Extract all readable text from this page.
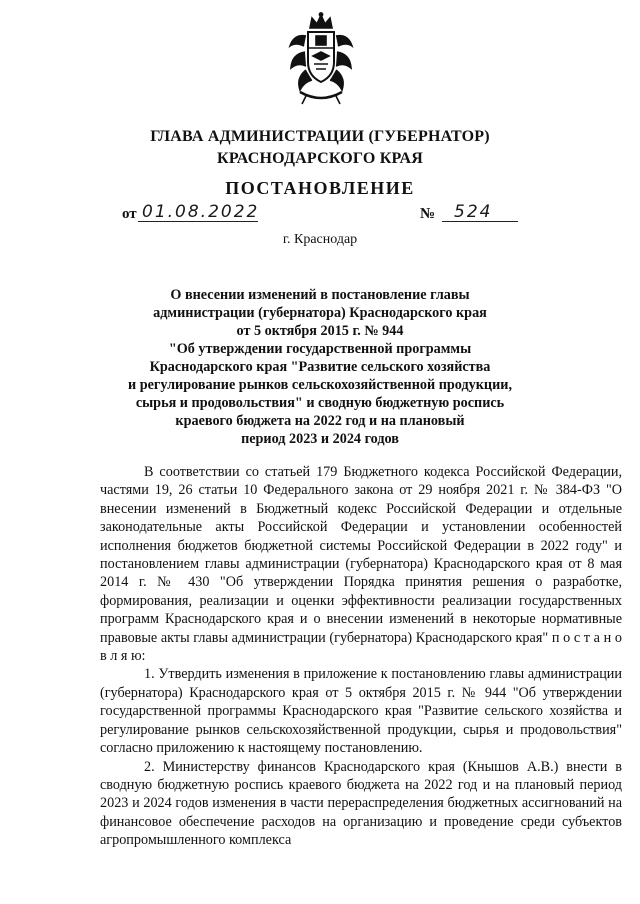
ГЛАВА АДМИНИСТРАЦИИ (ГУБЕРНАТОР)
КРАСНОДАРСКОГО КРАЯ
ПОСТАНОВЛЕНИЕ
от 01.08.2022	№	524
г. Краснодар
О внесении изменений в постановление главы
администрации (губернатора) Краснодарского края
от 5 октября 2015 г. № 944
"Об утверждении государственной программы
Краснодарского края "Развитие сельского хозяйства
и регулирование рынков сельскохозяйственной продукции,
сырья и продовольствия" и сводную бюджетную роспись
краевого бюджета на 2022 год и на плановый
период 2023 и 2024 годов

В соответствии со статьей 179 Бюджетного кодекса Российской Федерации, частями 19, 26 статьи 10 Федерального закона от 29 ноября 2021 г. № 384-ФЗ "О внесении изменений в Бюджетный кодекс Российской Федерации и отдельные законодательные акты Российской Федерации и установлении особенностей исполнения бюджетов бюджетной системы Российской Федерации в 2022 году" и постановлением главы администрации (губернатора) Краснодарского края от 8 мая 2014 г. № 430 "Об утверждении Порядка принятия решения о разработке, формирования, реализации и оценки эффективности реализации государственных программ Краснодарского края и о внесении изменений в некоторые нормативные правовые акты главы администрации (губернатора) Краснодарского края" п о с т а н о в л я ю:

1. Утвердить изменения в приложение к постановлению главы администрации (губернатора) Краснодарского края от 5 октября 2015 г. № 944 "Об утверждении государственной программы Краснодарского края "Развитие сельского хозяйства и регулирование рынков сельскохозяйственной продукции, сырья и продовольствия" согласно приложению к настоящему постановлению.

2. Министерству финансов Краснодарского края (Кнышов А.В.) внести в сводную бюджетную роспись краевого бюджета на 2022 год и на плановый период 2023 и 2024 годов изменения в части перераспределения бюджетных ассигнований на финансовое обеспечение расходов на организацию и проведение среди субъектов агропромышленного комплекса
